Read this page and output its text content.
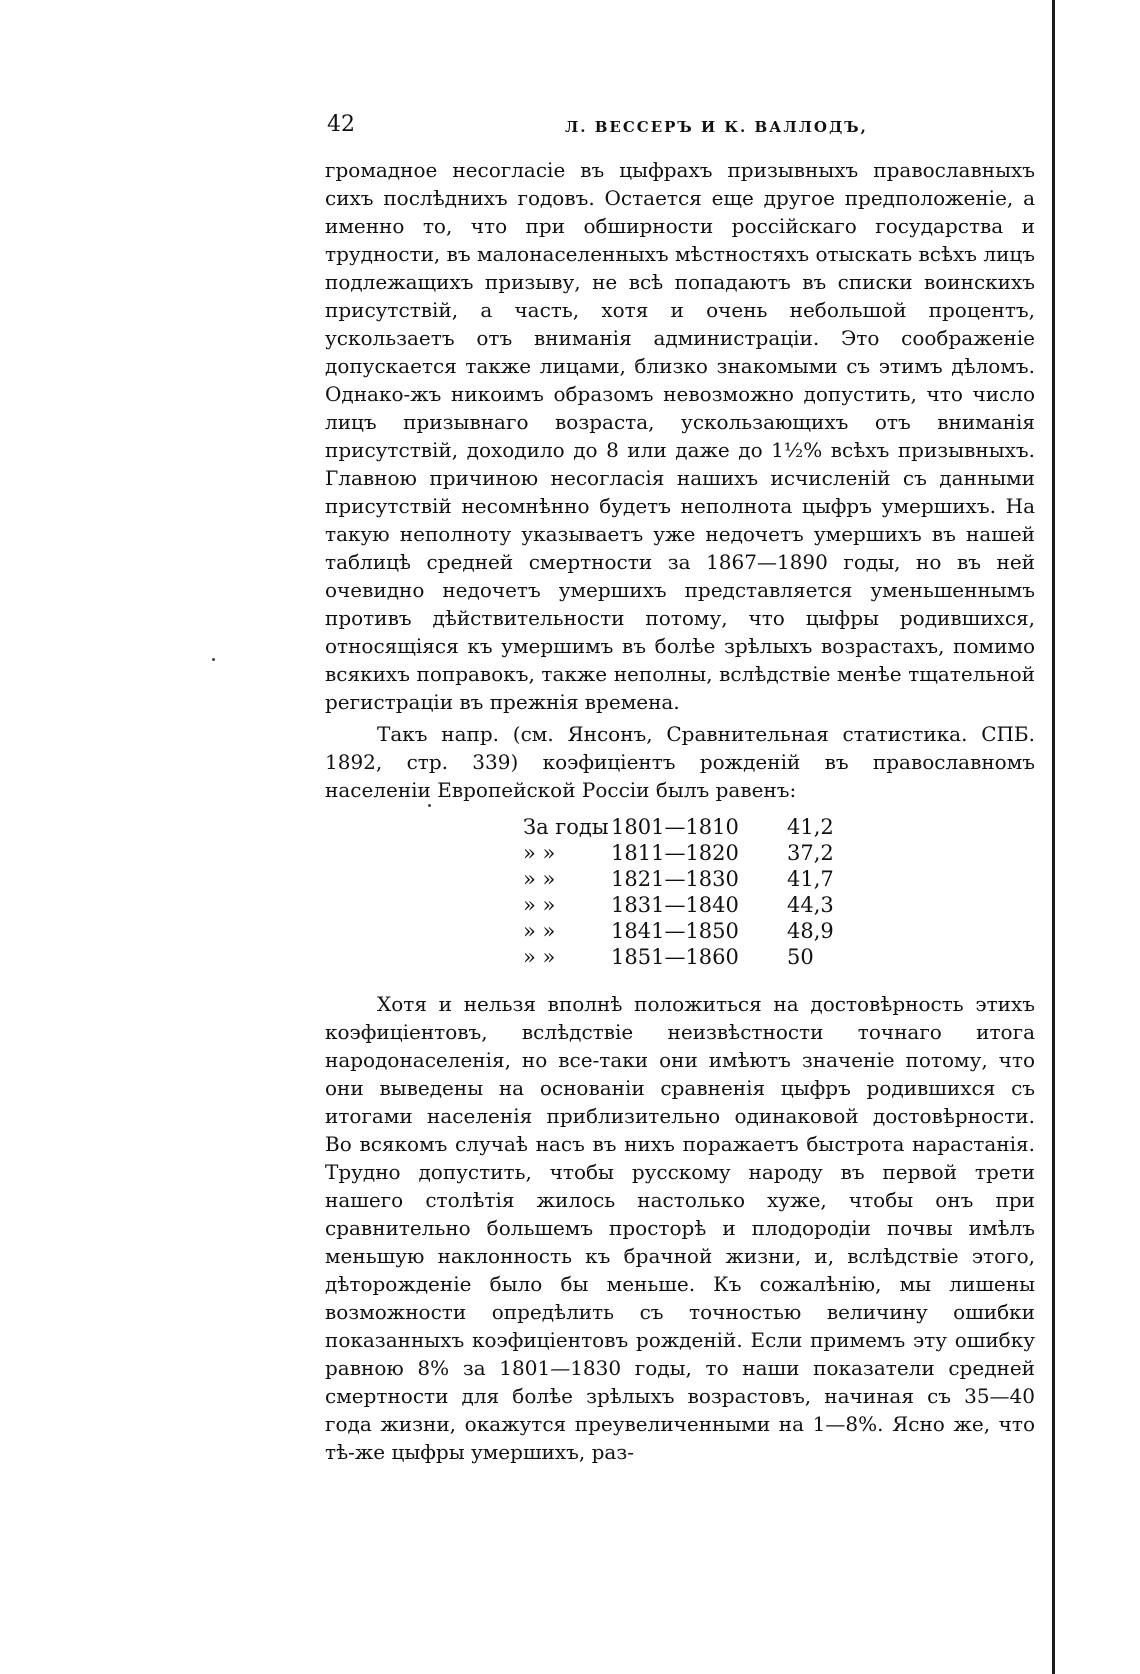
42	Л. ВЕССЕРЪ И К. ВАЛЛОДЪ,

громадное несогласіе въ цыфрахъ призывныхъ православныхъ сихъ послѣднихъ годовъ. Остается еще другое предположеніе, а именно то, что при обширности россійскаго государства и трудности, въ малонаселенныхъ мѣстностяхъ отыскать всѣхъ лицъ подлежащихъ призыву, не всѣ попадаютъ въ списки воинскихъ присутствій, а часть, хотя и очень небольшой процентъ, ускользаетъ отъ вниманія администраціи. Это соображеніе допускается также лицами, близко знакомыми съ этимъ дѣломъ. Однако-жъ никоимъ образомъ невозможно допустить, что число лицъ призывнаго возраста, ускользающихъ отъ вниманія присутствій, доходило до 8 или даже до 1½% всѣхъ призывныхъ. Главною причиною несогласія нашихъ исчисленій съ данными присутствій несомнѣнно будетъ неполнота цыфръ умершихъ. На такую неполноту указываетъ уже недочетъ умершихъ въ нашей таблицѣ средней смертности за 1867—1890 годы, но въ ней очевидно недочетъ умершихъ представляется уменьшеннымъ противъ дѣйствительности потому, что цыфры родившихся, относящіяся къ умершимъ въ болѣе зрѣлыхъ возрастахъ, помимо всякихъ поправокъ, также неполны, вслѣдствіе менѣе тщательной регистраціи въ прежнія времена.

Такъ напр. (см. Янсонъ, Сравнительная статистика. СПБ. 1892, стр. 339) коэфиціентъ рожденій въ православномъ населеніи Европейской Россіи былъ равенъ:

За годы	1801—1810	41,2
» »	1811—1820	37,2
» »	1821—1830	41,7
» »	1831—1840	44,3
» »	1841—1850	48,9
» »	1851—1860	50

Хотя и нельзя вполнѣ положиться на достовѣрность этихъ коэфиціентовъ, вслѣдствіе неизвѣстности точнаго итога народонаселенія, но все-таки они имѣютъ значеніе потому, что они выведены на основаніи сравненія цыфръ родившихся съ итогами населенія приблизительно одинаковой достовѣрности. Во всякомъ случаѣ насъ въ нихъ поражаетъ быстрота нарастанія. Трудно допустить, чтобы русскому народу въ первой трети нашего столѣтія жилось настолько хуже, чтобы онъ при сравнительно большемъ просторѣ и плодородіи почвы имѣлъ меньшую наклонность къ брачной жизни, и, вслѣдствіе этого, дѣторожденіе было бы меньше. Къ сожалѣнію, мы лишены возможности опредѣлить съ точностью величину ошибки показанныхъ коэфиціентовъ рожденій. Если примемъ эту ошибку равною 8% за 1801—1830 годы, то наши показатели средней смертности для болѣе зрѣлыхъ возрастовъ, начиная съ 35—40 года жизни, окажутся преувеличенными на 1—8%. Ясно же, что тѣ-же цыфры умершихъ, раз-
